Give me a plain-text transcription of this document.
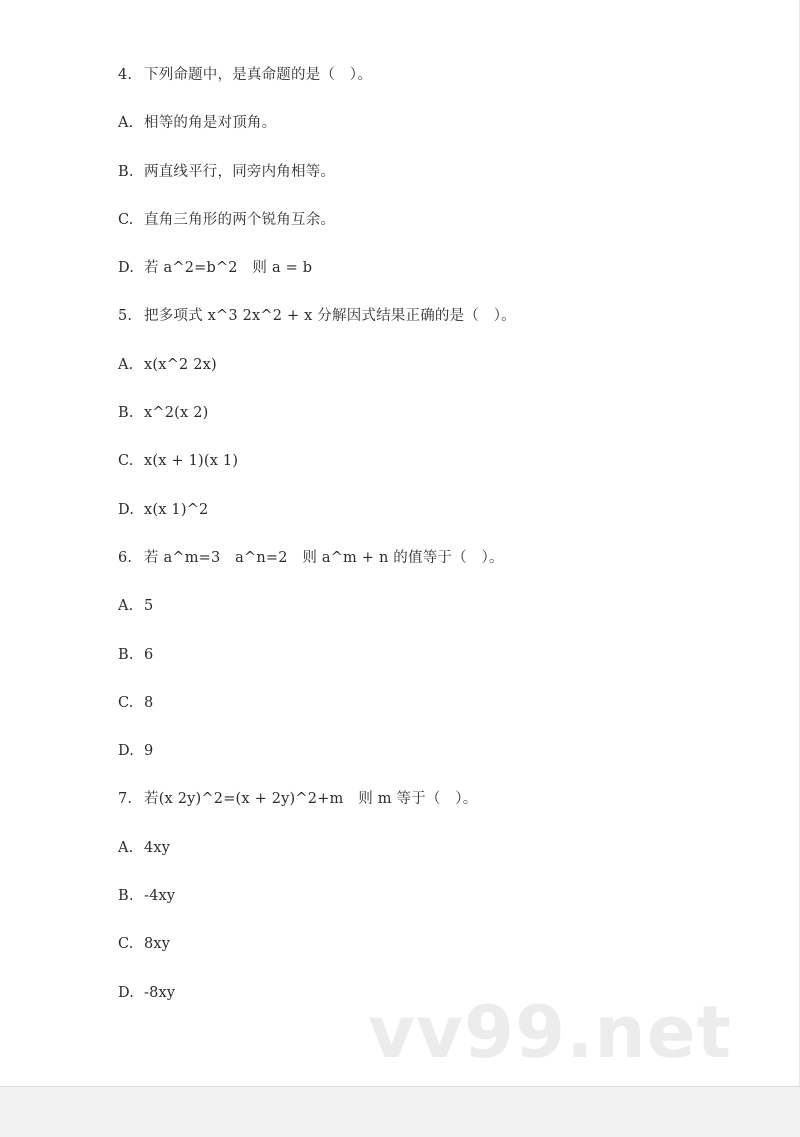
4. 下列命题中，是真命题的是（　）。
A. 相等的角是对顶角。
B. 两直线平行，同旁内角相等。
C. 直角三角形的两个锐角互余。
D. 若 a^2=b^2　则 a = b
5. 把多项式 x^3 2x^2 + x 分解因式结果正确的是（　）。
A. x(x^2 2x)
B. x^2(x 2)
C. x(x + 1)(x 1)
D. x(x 1)^2
6. 若 a^m=3　a^n=2　则 a^m + n 的值等于（　）。
A. 5
B. 6
C. 8
D. 9
7. 若(x 2y)^2=(x + 2y)^2+m　则 m 等于（　）。
A. 4xy
B. -4xy
C. 8xy
D. -8xy	vv99.net
